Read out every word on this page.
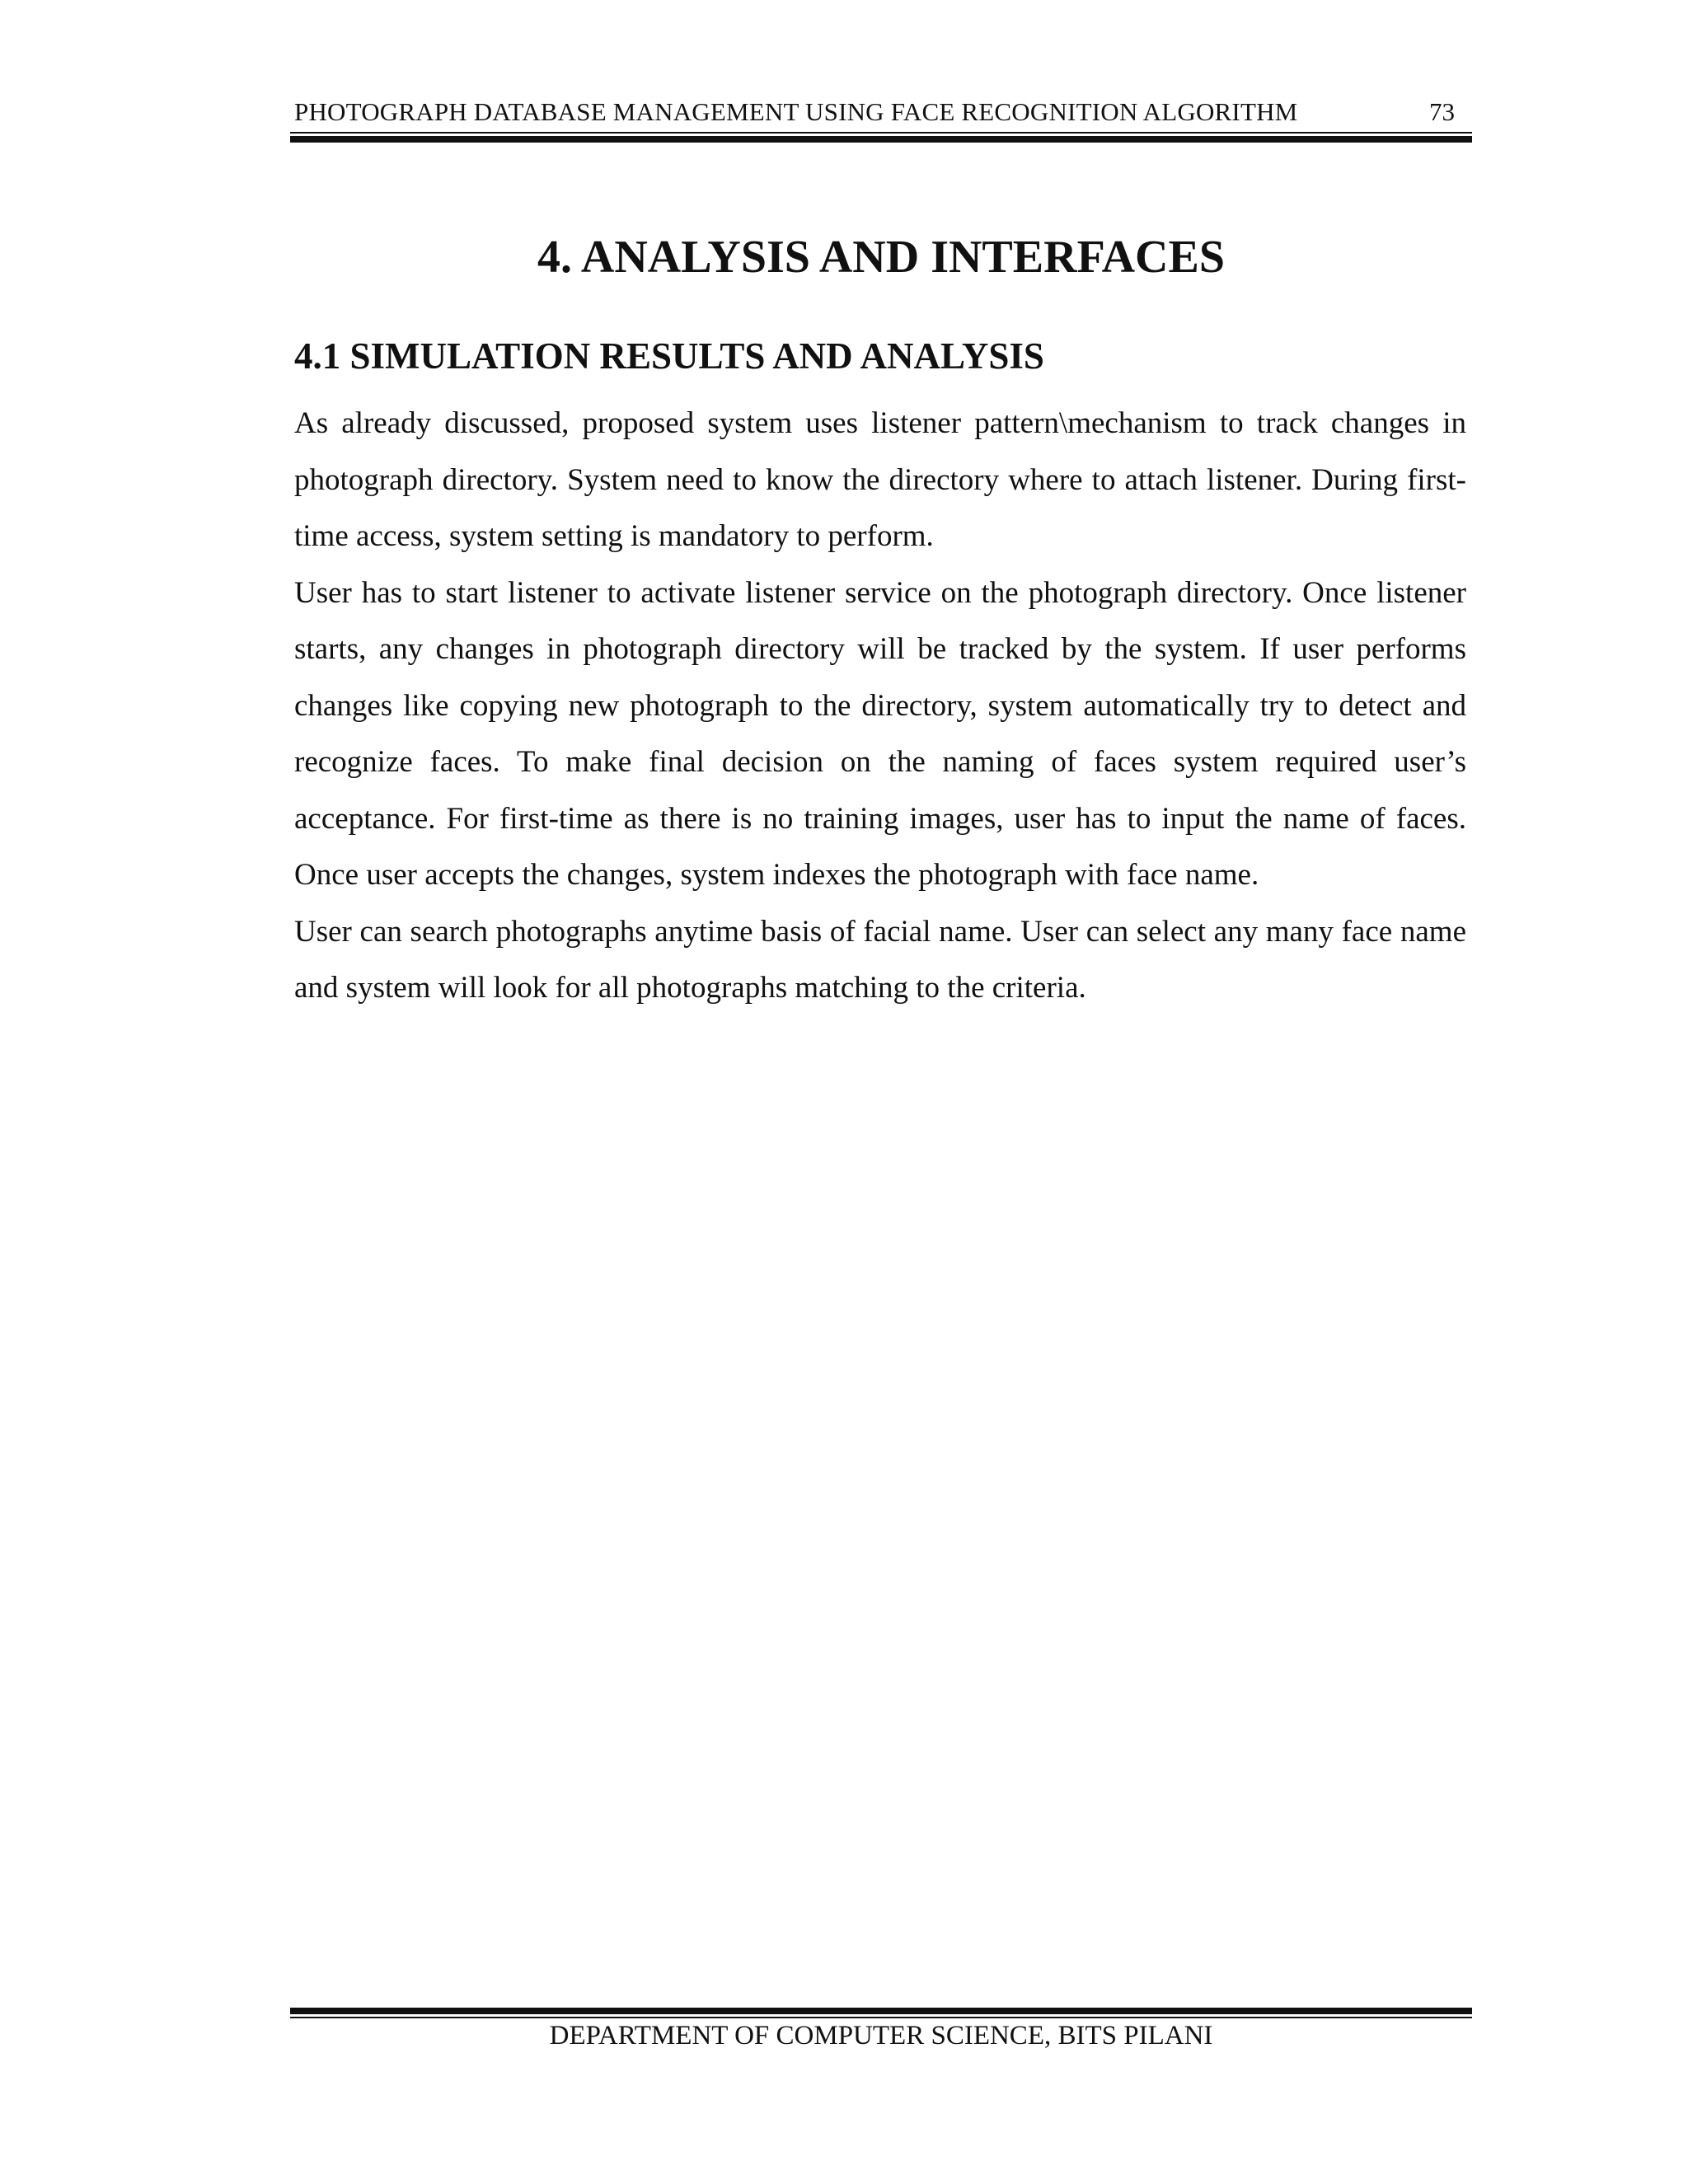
PHOTOGRAPH DATABASE MANAGEMENT USING FACE RECOGNITION ALGORITHM	73
4. ANALYSIS AND INTERFACES
4.1 SIMULATION RESULTS AND ANALYSIS

As already discussed, proposed system uses listener pattern\mechanism to track changes in photograph directory. System need to know the directory where to attach listener. During first-time access, system setting is mandatory to perform.

User has to start listener to activate listener service on the photograph directory. Once listener starts, any changes in photograph directory will be tracked by the system. If user performs changes like copying new photograph to the directory, system automatically try to detect and recognize faces. To make final decision on the naming of faces system required user’s acceptance. For first-time as there is no training images, user has to input the name of faces. Once user accepts the changes, system indexes the photograph with face name.

User can search photographs anytime basis of facial name. User can select any many face name and system will look for all photographs matching to the criteria.

DEPARTMENT OF COMPUTER SCIENCE, BITS PILANI
